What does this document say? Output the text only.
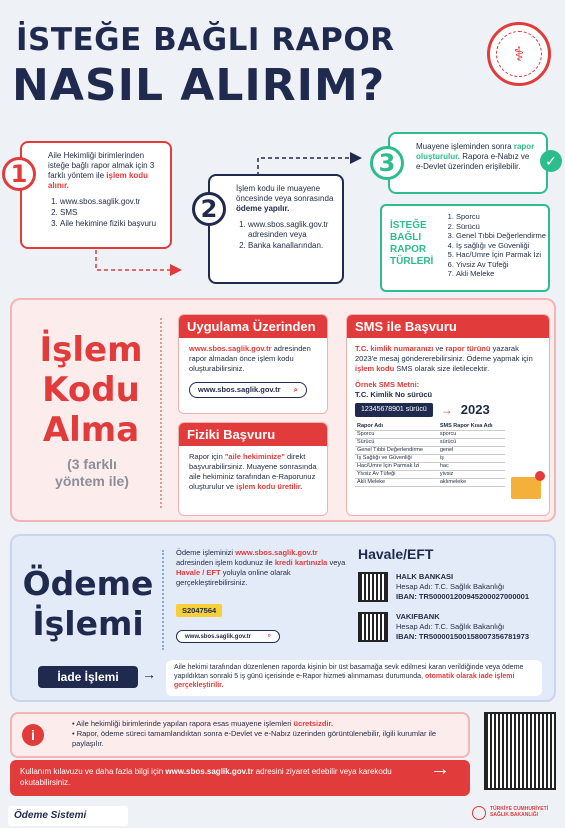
İSTEĞE BAĞLI RAPOR
NASIL ALIRIM?
⚕
Aile Hekimliği birimlerinden isteğe bağlı rapor almak için 3 farklı yöntem ile işlem kodu alınır.
1. www.sbos.saglik.gov.tr
2. SMS
3. Aile hekimine fiziki başvuru
1
İşlem kodu ile muayene öncesinde veya sonrasında ödeme yapılır.
1. www.sbos.saglik.gov.tr adresinden veya
2. Banka kanallarından.
2
Muayene işleminden sonra rapor oluşturulur. Rapora e-Nabız ve e-Devlet üzerinden erişilebilir.
3	✓
İSTEĞE BAĞLI RAPOR TÜRLERİ
1. Sporcu
2. Sürücü
3. Genel Tıbbi Değerlendirme
4. İş sağlığı ve Güvenliği
5. Hac/Umre İçin Parmak İzi
6. Yivsiz Av Tüfeği
7. Akli Meleke
İşlem
Kodu
Alma
(3 farklı yöntem ile)
Uygulama Üzerinden
www.sbos.saglik.gov.tr adresinden rapor almadan önce işlem kodu oluşturabilirsiniz.
www.sbos.saglik.gov.tr ⌕
Fiziki Başvuru
Rapor için "aile hekiminize" direkt başvurabilirsiniz. Muayene sonrasında aile hekiminiz tarafından e-Raporunuz oluşturulur ve işlem kodu üretilir.
SMS ile Başvuru
T.C. kimlik numaranızı ve rapor türünü yazarak 2023'e mesaj göndererebilirsiniz. Ödeme yapmak için işlem kodu SMS olarak size iletilecektir.
Örnek SMS Metni:
T.C. Kimlik No sürücü
12345678901 sürücü	→ 2023
Rapor Adı	SMS Rapor Kısa Adı
Sporcu	sporcu
Sürücü	sürücü
Genel Tıbbi Değerlendirme	genel
İş Sağlığı ve Güvenliği	iş
Hac/Umre İçin Parmak İzi	hac
Yivsiz Av Tüfeği	yivsiz
Akli Meleke	aklımeleke
Ödeme
İşlemi
Ödeme işleminizi www.sbos.saglik.gov.tr adresinden işlem kodunuz ile kredi kartınızla veya Havale / EFT yoluyla online olarak gerçekleştirebilirsiniz.
S2047564
www.sbos.saglik.gov.tr	⌕
Havale/EFT
HALK BANKASI
Hesap Adı: T.C. Sağlık Bakanlığı
IBAN: TR500001200945200027000001
VAKIFBANK
Hesap Adı: T.C. Sağlık Bakanlığı
IBAN: TR500001500158007356781973
İade İşlemi	→	Aile hekimi tarafından düzenlenen raporda kişinin bir üst basamağa sevk edilmesi karan verildiğinde veya ödeme yapıldıktan sonraki 5 iş günü içerisinde e-Rapor hizmeti alınmaması durumunda, otomatik olarak iade işlemi gerçekleştirilir.
i
• Aile hekimliği birimlerinde yapılan rapora esas muayene işlemleri ücretsizdir.
• Rapor, ödeme süreci tamamlandıktan sonra e-Devlet ve e-Nabız üzerinden görüntülenebilir, ilgili kurumlar ile paylaşılır.
Kullanım kılavuzu ve daha fazla bilgi için www.sbos.saglik.gov.tr adresini ziyaret edebilir veya karekodu okutabilirsiniz.
→
Ödeme Sistemi
TÜRKİYE CUMHURİYETİ SAĞLIK BAKANLIĞI
